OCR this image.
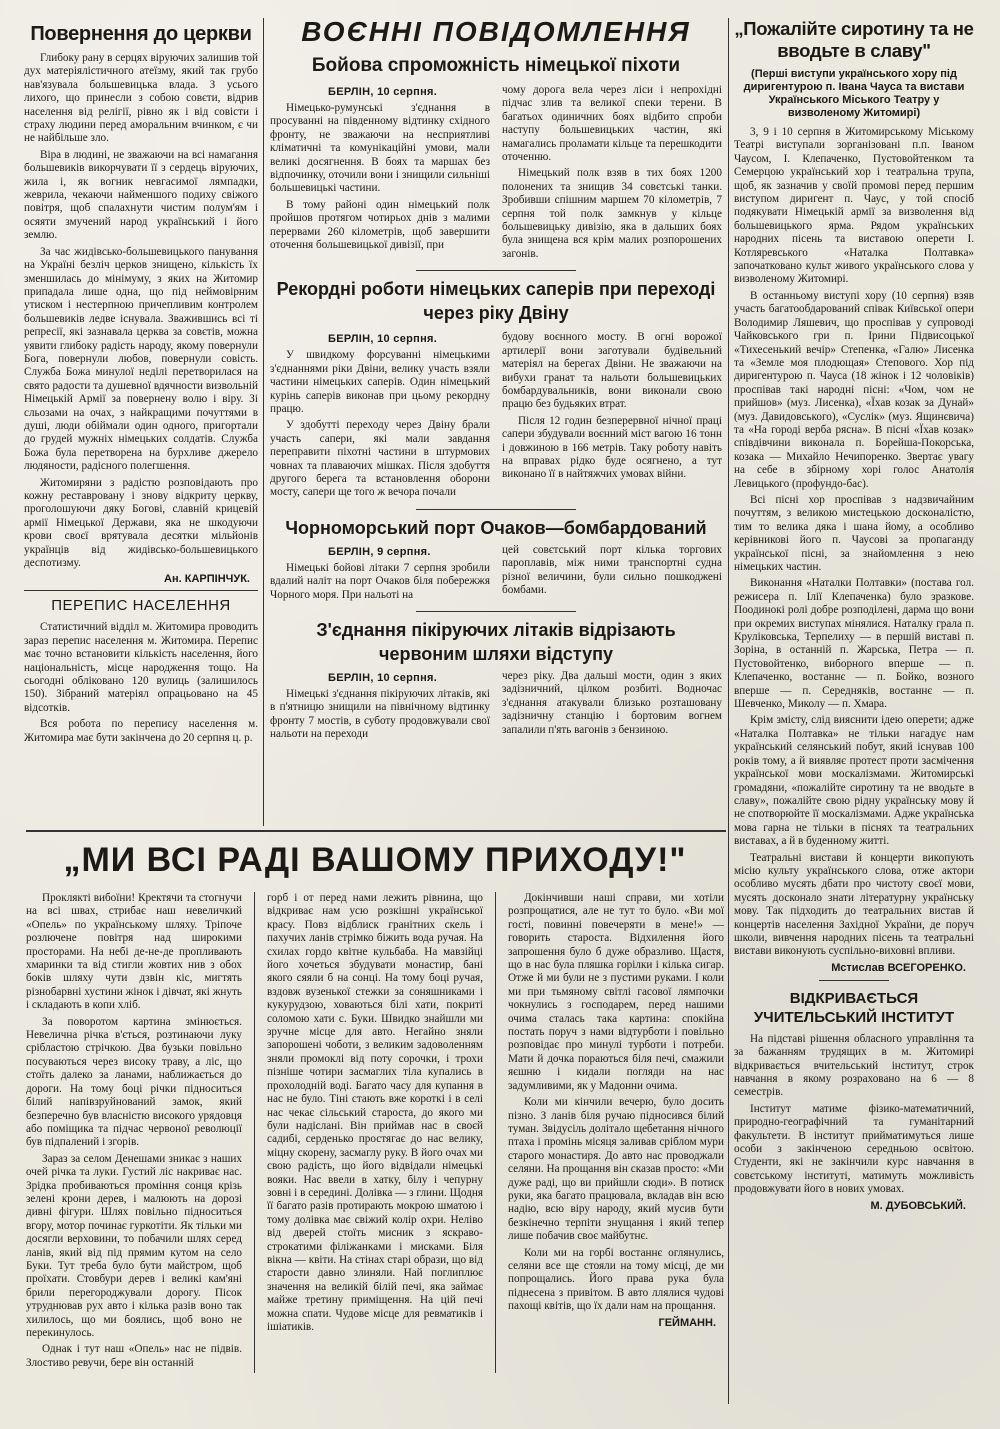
Повернення до церкви

Глибоку рану в серцях віруючих залишив той дух матеріялістичного атеїзму, який так грубо нав'язувала большевицька влада. З усього лихого, що принесли з собою совєти, відрив населення від релігії, рівно як і від совісти і страху людини перед аморальним вчинком, є чи не найбільше зло.

Віра в людині, не зважаючи на всі намагання большевиків викорчувати її з сердець віруючих, жила і, як вогник невгасимої лямпадки, жеврила, чекаючи найменшого подиху свіжого повітря, щоб спалахнути чистим полум'ям і осяяти змучений народ український і його землю.

За час жидівсько-большевицького панування на Україні безліч церков знищено, кількість їх зменшилась до мінімуму, з яких на Житомир припадала лише одна, що під неймовірним утиском і нестерпною причепливим контролем большевиків ледве існувала. Зважившись всі ті репресії, які зазнавала церква за совєтів, можна уявити глибоку радість народу, якому повернули Бога, повернули любов, повернули совість. Служба Божа минулої неділі перетворилася на свято радости та душевної вдячности визвольній Німецькій Армії за повернену волю і віру. Зі сльозами на очах, з найкращими почуттями в душі, люди обіймали один одного, пригортали до грудей мужніх німецьких солдатів. Служба Божа була перетворена на бурхливе джерело людяности, радісного полегшення.

Житомиряни з радістю розповідають про кожну реставровану і знову відкриту церкву, проголошуючи дяку Богові, славній крицевій армії Німецької Держави, яка не шкодуючи крови своєї врятувала десятки мільйонів українців від жидівсько-большевицького деспотизму.

Ан. КАРПІНЧУК.
ПЕРЕПИС НАСЕЛЕННЯ

Статистичний відділ м. Житомира проводить зараз перепис населення м. Житомира. Перепис має точно встановити кількість населення, його національність, місце народження тощо. На сьогодні обліковано 120 вулиць (залишилось 150). Зібраний матеріял опрацьовано на 45 відсотків.

Вся робота по перепису населення м. Житомира має бути закінчена до 20 серпня ц. р.

ВОЄННІ ПОВІДОМЛЕННЯ
Бойова спроможність німецької піхоти
БЕРЛІН, 10 серпня.

Німецько-румунські з'єднання в просуванні на південному відтинку східного фронту, не зважаючи на несприятливі кліматичні та комунікаційні умови, мали великі досягнення. В боях та маршах без відпочинку, оточили вони і знищили сильніші большевицькі частини.

В тому районі один німецький полк пройшов протягом чотирьох днів з малими перервами 260 кілометрів, щоб завершити оточення большевицької дивізії, при

чому дорога вела через ліси і непрохідні підчас злив та великої спеки терени. В багатьох одиничних боях відбито спроби наступу большевицьких частин, які намагались проламати кільце та перешкодити оточенню.

Німецький полк взяв в тих боях 1200 полонених та знищив 34 совєтські танки. Зробивши спішним маршем 70 кілометрів, 7 серпня той полк замкнув у кільце большевицьку дивізію, яка в дальших боях була знищена вся крім малих розпорошених загонів.

Рекордні роботи німецьких саперів при переході через ріку Двіну
БЕРЛІН, 10 серпня.

У швидкому форсуванні німецькими з'єднаннями ріки Двіни, велику участь взяли частини німецьких саперів. Один німецький курінь саперів виконав при цьому рекордну працю.

У здобутті переходу через Двіну брали участь сапери, які мали завдання переправити піхотні частини в штурмових човнах та плаваючих мішках. Після здобуття другого берега та встановлення оборони мосту, сапери ще того ж вечора почали

будову воєнного мосту. В огні ворожої артилерії вони заготували будівельний матеріял на берегах Двіни. Не зважаючи на вибухи гранат та нальоти большевицьких бомбардувальників, вони виконали свою працю без будьяких втрат.

Після 12 годин безперервної нічної праці сапери збудували воєнний міст вагою 16 тонн і довжиною в 166 метрів. Таку роботу навіть на вправах рідко буде осягнено, а тут виконано її в найтяжчих умовах війни.

Чорноморський порт Очаков—бомбардований
БЕРЛІН, 9 серпня.

Німецькі бойові літаки 7 серпня зробили вдалий наліт на порт Очаков біля побережжя Чорного моря. При нальоті на

цей совєтський порт кілька торгових пароплавів, між ними транспортні судна різної величини, були сильно пошкоджені бомбами.

З'єднання пікіруючих літаків відрізають червоним шляхи відступу
БЕРЛІН, 10 серпня.

Німецькі з'єднання пікіруючих літаків, які в п'ятницю знищили на північному відтинку фронту 7 мостів, в суботу продовжували свої нальоти на переходи

через ріку. Два дальші мости, один з яких задізничний, цілком розбиті. Водночас з'єднання атакували близько розташовану задізничну станцію і бортовим вогнем запалили п'ять вагонів з бензиною.

„Пожалійте сиротину та не вводьте в славу"
(Перші виступи українського хору під диригентурою п. Івана Чауса та вистави Українського Міського Театру у визволеному Житомирі)

3, 9 і 10 серпня в Житомирському Міському Театрі виступали зорганізовані п.п. Іваном Чаусом, І. Клепаченко, Пустовойтенком та Семерцою український хор і театральна трупа, щоб, як зазначив у своїй промові перед першим виступом диригент п. Чаус, у той спосіб подякувати Німецькій армії за визволення від большевицького ярма. Рядом українських народних пісень та виставою оперети І. Котляревського «Наталка Полтавка» започатковано культ живого українського слова у визволеному Житомирі.

В останньому виступі хору (10 серпня) взяв участь багатообдарований співак Київської опери Володимир Ляшевич, що проспівав у супроводі Чайковського гри п. Ірини Підвисоцької «Тихесенький вечір» Степенка, «Галю» Лисенка та «Земле моя плодющая» Степового. Хор під диригентурою п. Чауса (18 жінок і 12 чоловіків) проспівав такі народні пісні: «Чом, чом не прийшов» (муз. Лисенка), «Їхав козак за Дунай» (муз. Давидовського), «Суслік» (муз. Ящинєвича) та «На городі верба рясна». В пісні «Їхав козак» співдівчини виконала п. Борейша-Покорська, козака — Михайло Нечипоренко. Звертає увагу на себе в збірному хорі голос Анатолія Левицького (профундо-бас).

Всі пісні хор проспівав з надзвичайним почуттям, з великою мистецькою досконалістю, тим то велика дяка і шана йому, а особливо керівникові його п. Чаусові за пропаганду української пісні, за знайомлення з нею німецьких частин.

Виконання «Наталки Полтавки» (постава гол. режисера п. Ілії Клепаченка) було зразкове. Поодинокі ролі добре розподілені, дарма що вони при окремих виступах мінялися. Наталку грала п. Круліковська, Терпелиху — в першій виставі п. Зоріна, в останній п. Жарська, Петра — п. Пустовойтенко, виборного вперше — п. Клепаченко, востаннє — п. Бойко, возного вперше — п. Середняків, востаннє — п. Шевченко, Миколу — п. Хмара.

Крім змісту, слід вияснити ідею оперети; адже «Наталка Полтавка» не тільки нагадує нам український селянський побут, який існував 100 років тому, а й виявляє протест проти засмічення української мови москалізмами. Житомирські громадяни, «пожалійте сиротину та не вводьте в славу», пожалійте свою рідну українську мову й не спотворюйте її москалізмами. Адже українська мова гарна не тільки в піснях та театральних виставах, а й в буденному житті.

Театральні вистави й концерти викопують місію культу українського слова, отже актори особливо мусять дбати про чистоту своєї мови, мусять досконало знати літературну українську мову. Так підходить до театральних вистав й концертів населення Західної України, де поруч школи, вивчення народних пісень та театральні вистави виконують суспільно-виховні впливи.

Мстислав ВСЕГОРЕНКО.
ВІДКРИВАЄТЬСЯ УЧИТЕЛЬСЬКИЙ ІНСТИТУТ

На підставі рішення обласного управління та за бажанням трудящих в м. Житомирі відкривається вчительський інститут, строк навчання в якому розраховано на 6 — 8 семестрів.

Інститут матиме фізико-математичний, природно-географічний та гуманітарний факультети. В інститут прийматимуться лише особи з закінченою середньою освітою. Студенти, які не закінчили курс навчання в совєтському інституті, матимуть можливість продовжувати його в нових умовах.

М. ДУБОВСЬКИЙ.
„МИ ВСІ РАДІ ВАШОМУ ПРИХОДУ!"

Проклякті вибоїни! Кректячи та стогнучи на всі швах, стрибає наш невеличкий «Опель» по українському шляху. Тріпоче розлючене повітря над широкими просторами. На небі де-не-де пропливають хмаринки та від стигли жовтих нив з обох боків шляху чути дзвін кіс, мигтять різнобарвні хустини жінок і дівчат, які жнуть і складають в копи хліб.

За поворотом картина змінюється. Невелична річка в'ється, розтинаючи луку срібластою стрічкою. Два бузьки повільно посуваються через високу траву, а ліс, що стоїть далеко за ланами, наближається до дороги. На тому боці річки підноситься білий напівзруйнований замок, який безперечно був власністю високого урядовця або поміщика та підчас червоної революції був підпалений і згорів.

Зараз за селом Денешами зникає з наших очей річка та луки. Густий ліс накриває нас. Зрідка пробиваються проміння сонця крізь зелені крони дерев, і малюють на дорозі дивні фігури. Шлях повільно підноситься вгору, мотор починає гуркотіти. Як тільки ми досягли верховини, то побачили шлях серед ланів, який від під прямим кутом на село Буки. Тут треба було бути майстром, щоб проїхати. Стовбури дерев і великі кам'яні брили перегороджували дорогу. Пісок утруднював рух авто і кілька разів воно так хилилось, що ми боялись, щоб воно не перекинулось.

Однак і тут наш «Опель» нас не підвів. Злостиво ревучи, бере він останній

горб і от перед нами лежить рівнина, що відкриває нам усю розкішні української красу. Повз відблиск гранітних скель і пахучих ланів стрімко біжить вода ручая. На схилах гордо квітне кульбаба. На мавзійці його хочеться збудувати монастир, бані якого сяяли б на сонці. На тому боці ручая, вздовж вузенької стежки за соняшниками і кукурудзою, ховаються білі хати, покриті соломою хати с. Буки. Швидко знайшли ми зручне місце для авто. Негайно зняли запорошені чоботи, з великим задоволенням зняли промоклі від поту сорочки, і трохи пізніше чотири засмаглих тіла купались в прохолодній воді. Багато часу для купання в нас не було. Тіні стають вже короткі і в селі нас чекає сільський староста, до якого ми були надіслані. Він приймав нас в своєй садибі, серденько простягає до нас велику, міцну скорену, засмаглу руку. В його очах ми свою радість, що його відвідали німецькі вояки. Нас ввели в хатку, білу і чепурну зовні і в середині. Долівка — з глини. Щодня її багато разів протирають мокрою шматою і тому долівка має свіжий колір охри. Неліво від дверей стоїть мисник з яскраво-строкатими філіжанками і мисками. Біля вікна — квіти. На стінах старі образи, що від старости давно злиняли. Най поглиплює значення на великій білій печі, яка займає майже третину приміщення. На цій печі можна спати. Чудове місце для ревматиків і ішіатиків.

Докінчивши наші справи, ми хотіли розпрощатися, але не тут то було. «Ви мої гості, повинні повечеряти в мене!» — говорить староста. Відхилення його запрошення було б дуже образливо. Щастя, що в нас була пляшка горілки і кілька сигар. Отже й ми були не з пустими руками. І коли ми при тьмяному світлі гасової лямпочки чокнулись з господарем, перед нашими очима сталась така картина: спокійна постать поруч з нами відтурботи і повільно розповідає про минулі турботи і потреби. Мати й дочка пораються біля печі, смажили яєшню і кидали погляди на нас задумливими, як у Мадонни очима.

Коли ми кінчили вечерю, було досить пізно. З ланів біля ручаю підносився білий туман. Звідусіль долітало щебетання нічного птаха і промінь місяця заливав сріблом мури старого монастиря. До авто нас проводжали селяни. На прощання він сказав просто: «Ми дуже раді, що ви прийшли сюди». В потиск руки, яка багато працювала, вкладав він всю надію, всю віру народу, який мусив бути безкінечно терпіти знущання і який тепер лише побачив своє майбутнє.

Коли ми на горбі востаннє оглянулись, селяни все ще стояли на тому місці, де ми попрощались. Його права рука була піднесена з привітом. В авто ллялися чудові пахощі квітів, що їх дали нам на прощання.

ГЕЙМАНН.
